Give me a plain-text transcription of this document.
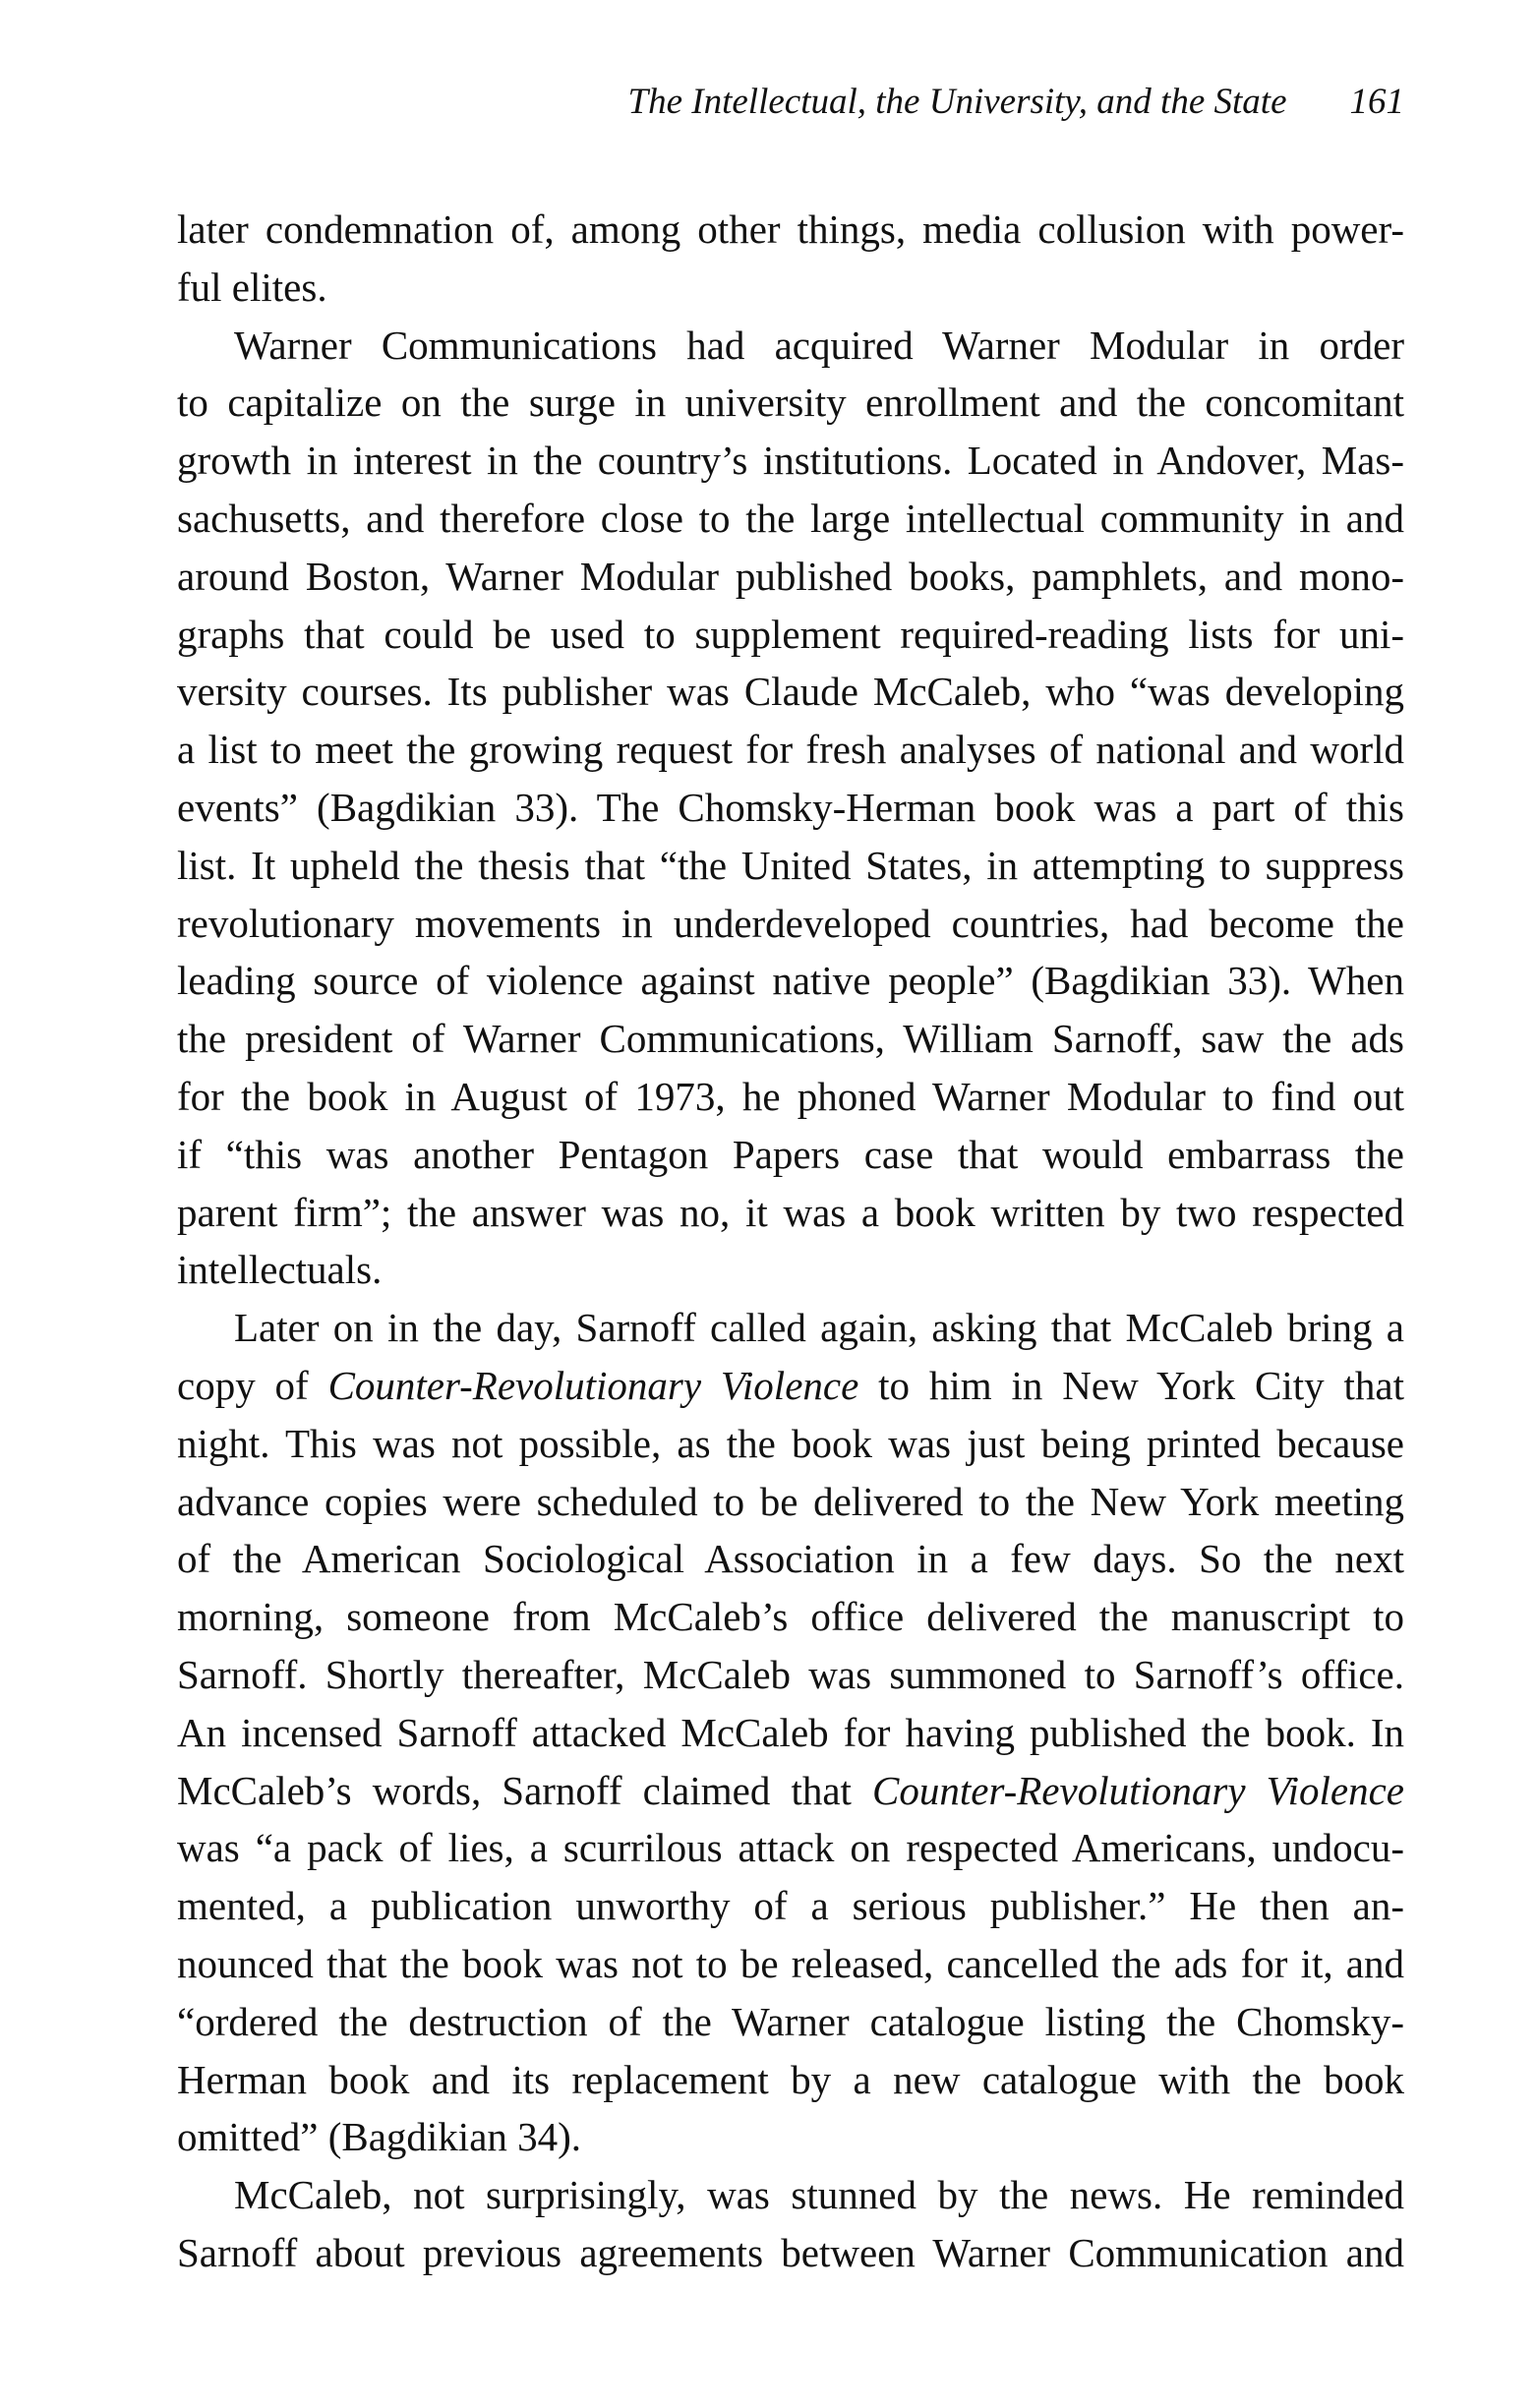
The Intellectual, the University, and the State 161
later condemnation of, among other things, media collusion with power-
ful elites.
Warner Communications had acquired Warner Modular in order
to capitalize on the surge in university enrollment and the concomitant
growth in interest in the country’s institutions. Located in Andover, Mas-
sachusetts, and therefore close to the large intellectual community in and
around Boston, Warner Modular published books, pamphlets, and mono-
graphs that could be used to supplement required-reading lists for uni-
versity courses. Its publisher was Claude McCaleb, who “was developing
a list to meet the growing request for fresh analyses of national and world
events” (Bagdikian 33). The Chomsky-Herman book was a part of this
list. It upheld the thesis that “the United States, in attempting to suppress
revolutionary movements in underdeveloped countries, had become the
leading source of violence against native people” (Bagdikian 33). When
the president of Warner Communications, William Sarnoff, saw the ads
for the book in August of 1973, he phoned Warner Modular to find out
if “this was another Pentagon Papers case that would embarrass the
parent firm”; the answer was no, it was a book written by two respected
intellectuals.
Later on in the day, Sarnoff called again, asking that McCaleb bring a
copy of Counter-Revolutionary Violence to him in New York City that
night. This was not possible, as the book was just being printed because
advance copies were scheduled to be delivered to the New York meeting
of the American Sociological Association in a few days. So the next
morning, someone from McCaleb’s office delivered the manuscript to
Sarnoff. Shortly thereafter, McCaleb was summoned to Sarnoff’s office.
An incensed Sarnoff attacked McCaleb for having published the book. In
McCaleb’s words, Sarnoff claimed that Counter-Revolutionary Violence
was “a pack of lies, a scurrilous attack on respected Americans, undocu-
mented, a publication unworthy of a serious publisher.” He then an-
nounced that the book was not to be released, cancelled the ads for it, and
“ordered the destruction of the Warner catalogue listing the Chomsky-
Herman book and its replacement by a new catalogue with the book
omitted” (Bagdikian 34).
McCaleb, not surprisingly, was stunned by the news. He reminded
Sarnoff about previous agreements between Warner Communication and
